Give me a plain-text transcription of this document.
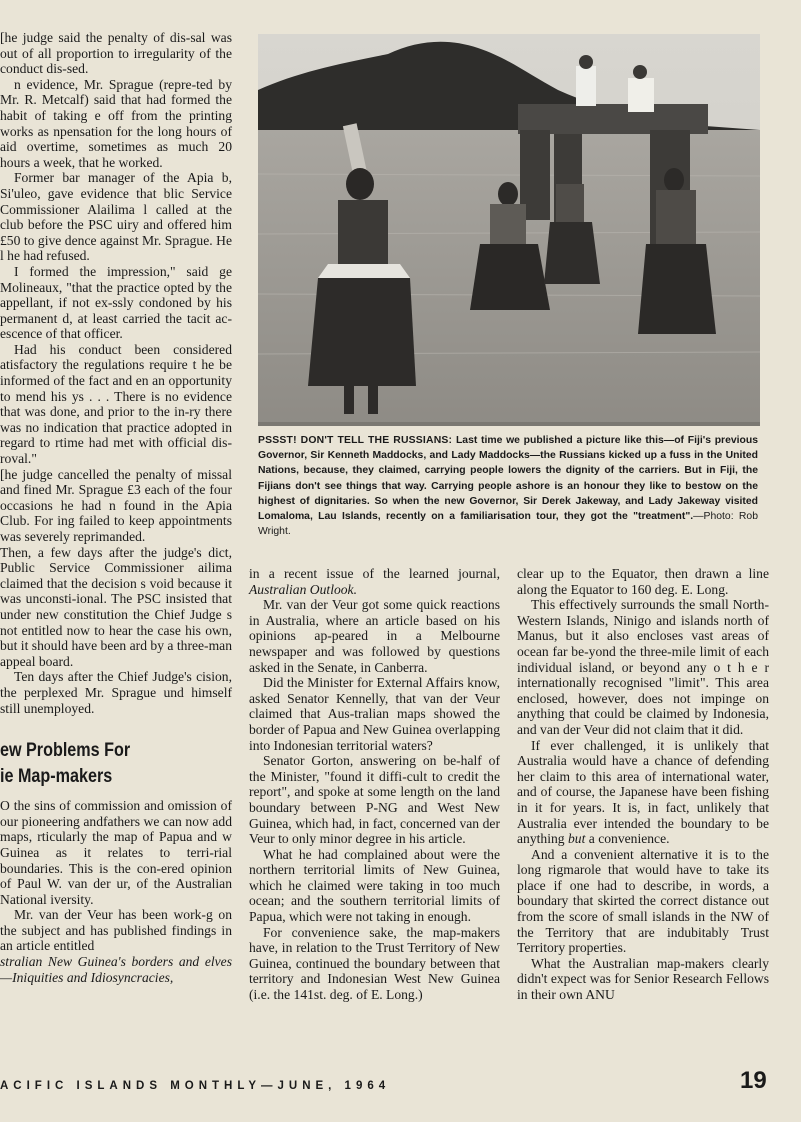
[he judge said the penalty of dis-sal was out of all proportion to irregularity of the conduct dis-sed.

n evidence, Mr. Sprague (repre-ted by Mr. R. Metcalf) said that had formed the habit of taking e off from the printing works as npensation for the long hours of aid overtime, sometimes as much 20 hours a week, that he worked.

Former bar manager of the Apia b, Si'uleo, gave evidence that blic Service Commissioner Alailima l called at the club before the PSC uiry and offered him £50 to give dence against Mr. Sprague. He l he had refused.

I formed the impression," said ge Molineaux, "that the practice opted by the appellant, if not ex-ssly condoned by his permanent d, at least carried the tacit ac-escence of that officer.

Had his conduct been considered atisfactory the regulations require t he be informed of the fact and en an opportunity to mend his ys . . . There is no evidence that was done, and prior to the in-ry there was no indication that practice adopted in regard to rtime had met with official dis-roval."

[he judge cancelled the penalty of missal and fined Mr. Sprague £3 each of the four occasions he had n found in the Apia Club. For ing failed to keep appointments was severely reprimanded.

Then, a few days after the judge's dict, Public Service Commissioner ailima claimed that the decision s void because it was unconsti-ional. The PSC insisted that under new constitution the Chief Judge s not entitled now to hear the case his own, but it should have been ard by a three-man appeal board.

Ten days after the Chief Judge's cision, the perplexed Mr. Sprague und himself still unemployed.

ew Problems For
ie Map-makers

O the sins of commission and omission of our pioneering andfathers we can now add maps, rticularly the map of Papua and w Guinea as it relates to terri-rial boundaries. This is the con-ered opinion of Paul W. van der ur, of the Australian National iversity.

Mr. van der Veur has been work-g on the subject and has published findings in an article entitled

stralian New Guinea's borders and elves—Iniquities and Idiosyncracies,

PSSST! DON'T TELL THE RUSSIANS: Last time we published a picture like this—of Fiji's previous Governor, Sir Kenneth Maddocks, and Lady Maddocks—the Russians kicked up a fuss in the United Nations, because, they claimed, carrying people lowers the dignity of the carriers. But in Fiji, the Fijians don't see things that way. Carrying people ashore is an honour they like to bestow on the highest of dignitaries. So when the new Governor, Sir Derek Jakeway, and Lady Jakeway visited Lomaloma, Lau Islands, recently on a familiarisation tour, they got the "treatment".—Photo: Rob Wright.

in a recent issue of the learned journal, Australian Outlook.

Mr. van der Veur got some quick reactions in Australia, where an article based on his opinions ap-peared in a Melbourne newspaper and was followed by questions asked in the Senate, in Canberra.

Did the Minister for External Affairs know, asked Senator Kennelly, that van der Veur claimed that Aus-tralian maps showed the border of Papua and New Guinea overlapping into Indonesian territorial waters?

Senator Gorton, answering on be-half of the Minister, "found it diffi-cult to credit the report", and spoke at some length on the land boundary between P-NG and West New Guinea, which had, in fact, concerned van der Veur to only minor degree in his article.

What he had complained about were the northern territorial limits of New Guinea, which he claimed were taking in too much ocean; and the southern territorial limits of Papua, which were not taking in enough.

For convenience sake, the map-makers have, in relation to the Trust Territory of New Guinea, continued the boundary between that territory and Indonesian West New Guinea (i.e. the 141st. deg. of E. Long.)

clear up to the Equator, then drawn a line along the Equator to 160 deg. E. Long.

This effectively surrounds the small North-Western Islands, Ninigo and islands north of Manus, but it also encloses vast areas of ocean far be-yond the three-mile limit of each individual island, or beyond any o t h e r internationally recognised "limit". This area enclosed, however, does not impinge on anything that could be claimed by Indonesia, and van der Veur did not claim that it did.

If ever challenged, it is unlikely that Australia would have a chance of defending her claim to this area of international water, and of course, the Japanese have been fishing in it for years. It is, in fact, unlikely that Australia ever intended the boundary to be anything but a convenience.

And a convenient alternative it is to the long rigmarole that would have to take its place if one had to describe, in words, a boundary that skirted the correct distance out from the score of small islands in the NW of the Territory that are indubitably Trust Territory properties.

What the Australian map-makers clearly didn't expect was for Senior Research Fellows in their own ANU

ACIFIC ISLANDS MONTHLY—JUNE, 1964	19
